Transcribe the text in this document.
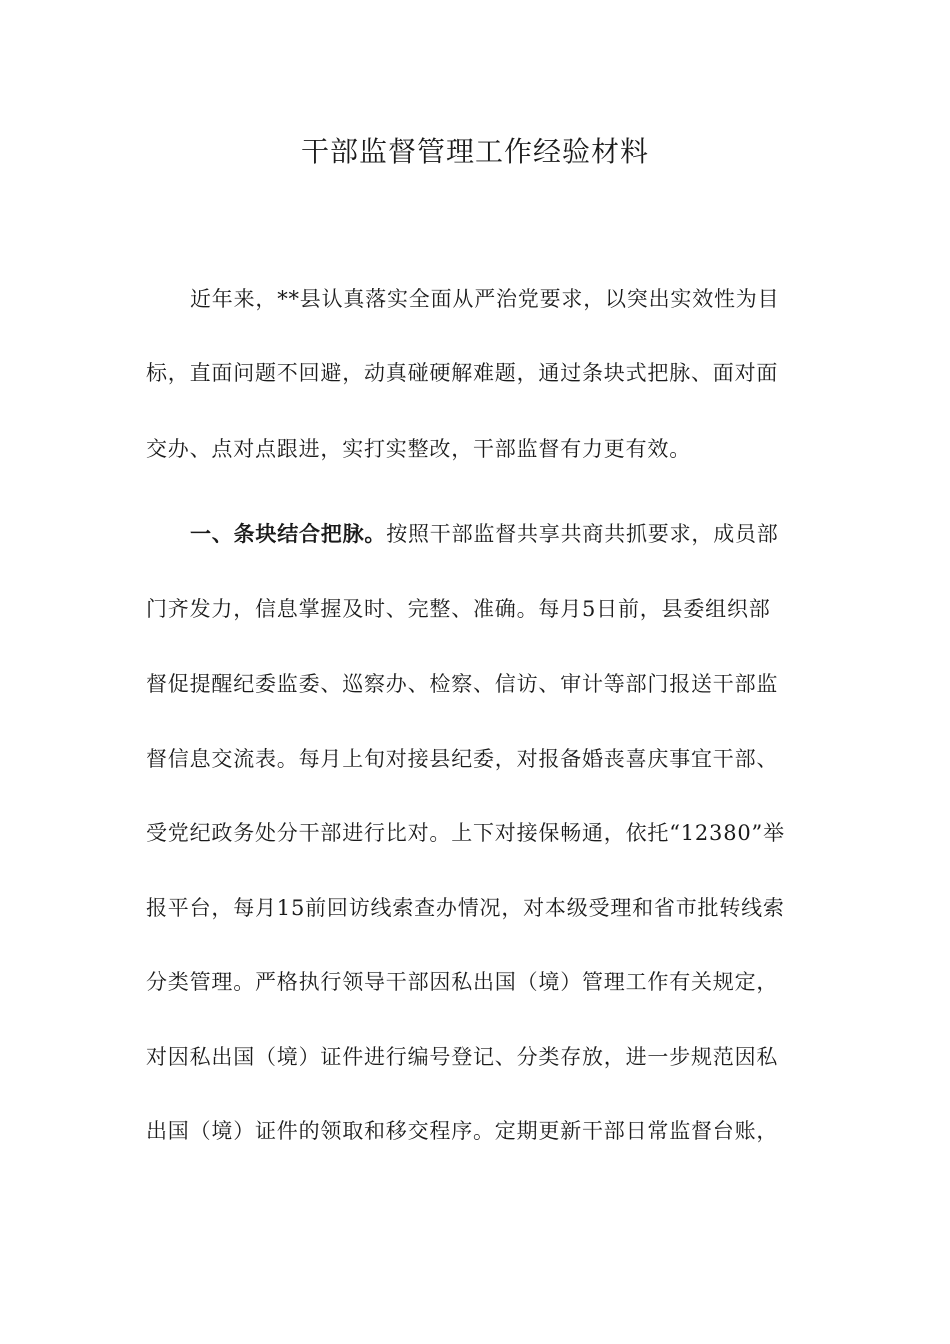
干部监督管理工作经验材料
近年来，**县认真落实全面从严治党要求，以突出实效性为目
标，直面问题不回避，动真碰硬解难题，通过条块式把脉、面对面
交办、点对点跟进，实打实整改，干部监督有力更有效。
一、条块结合把脉。按照干部监督共享共商共抓要求，成员部
门齐发力，信息掌握及时、完整、准确。每月5日前，县委组织部
督促提醒纪委监委、巡察办、检察、信访、审计等部门报送干部监
督信息交流表。每月上旬对接县纪委，对报备婚丧喜庆事宜干部、
受党纪政务处分干部进行比对。上下对接保畅通，依托“12380”举
报平台，每月15前回访线索查办情况，对本级受理和省市批转线索
分类管理。严格执行领导干部因私出国（境）管理工作有关规定，
对因私出国（境）证件进行编号登记、分类存放，进一步规范因私
出国（境）证件的领取和移交程序。定期更新干部日常监督台账，
